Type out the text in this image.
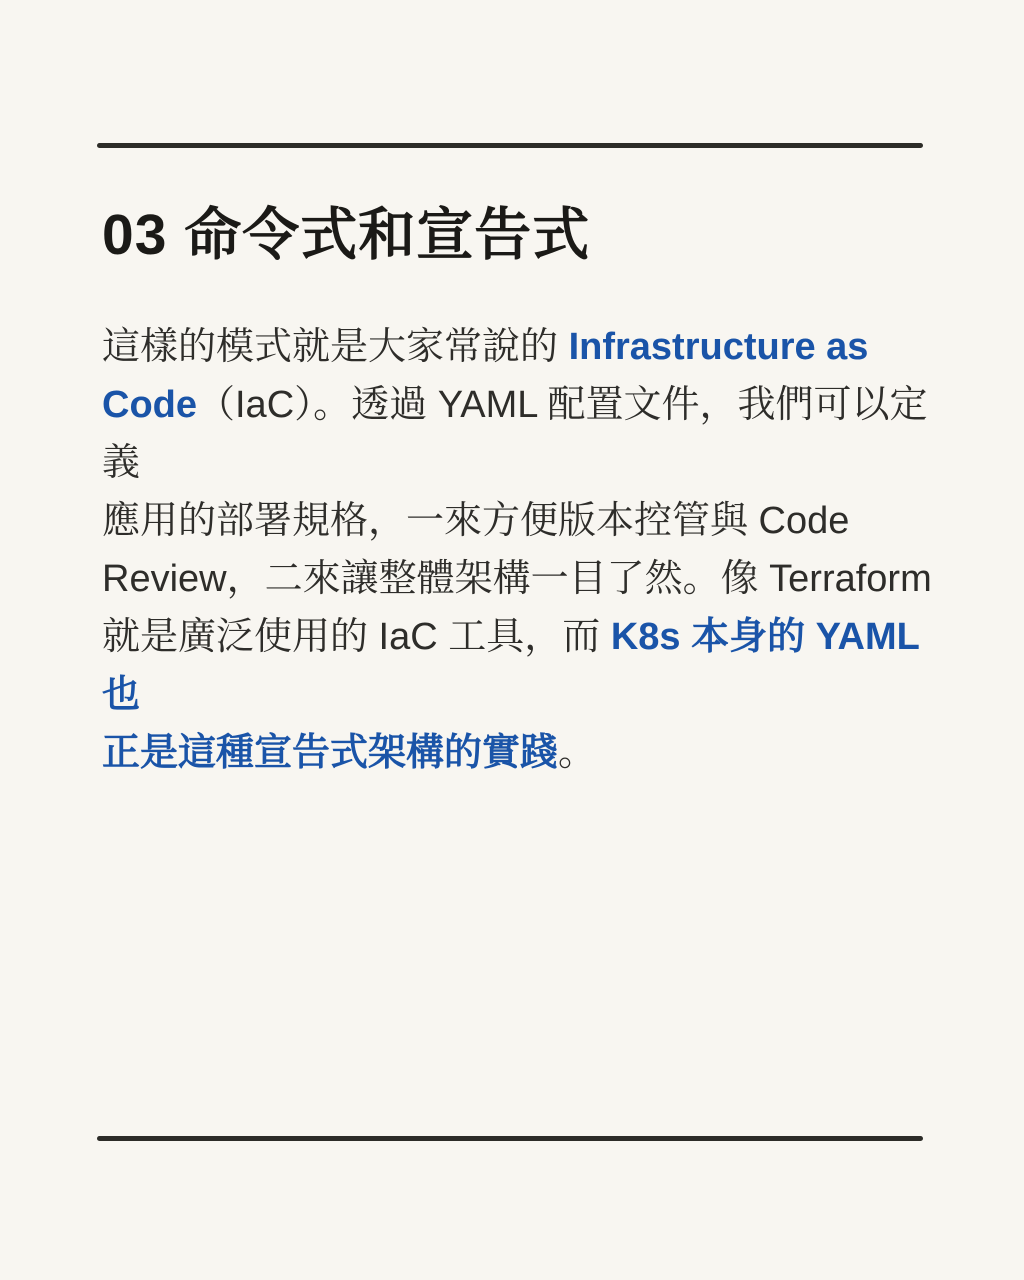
03 命令式和宣告式

這樣的模式就是大家常說的 Infrastructure as
Code（IaC）。透過 YAML 配置文件，我們可以定義
應用的部署規格，一來方便版本控管與 Code
Review，二來讓整體架構一目了然。像 Terraform
就是廣泛使用的 IaC 工具，而 K8s 本身的 YAML 也
正是這種宣告式架構的實踐。
